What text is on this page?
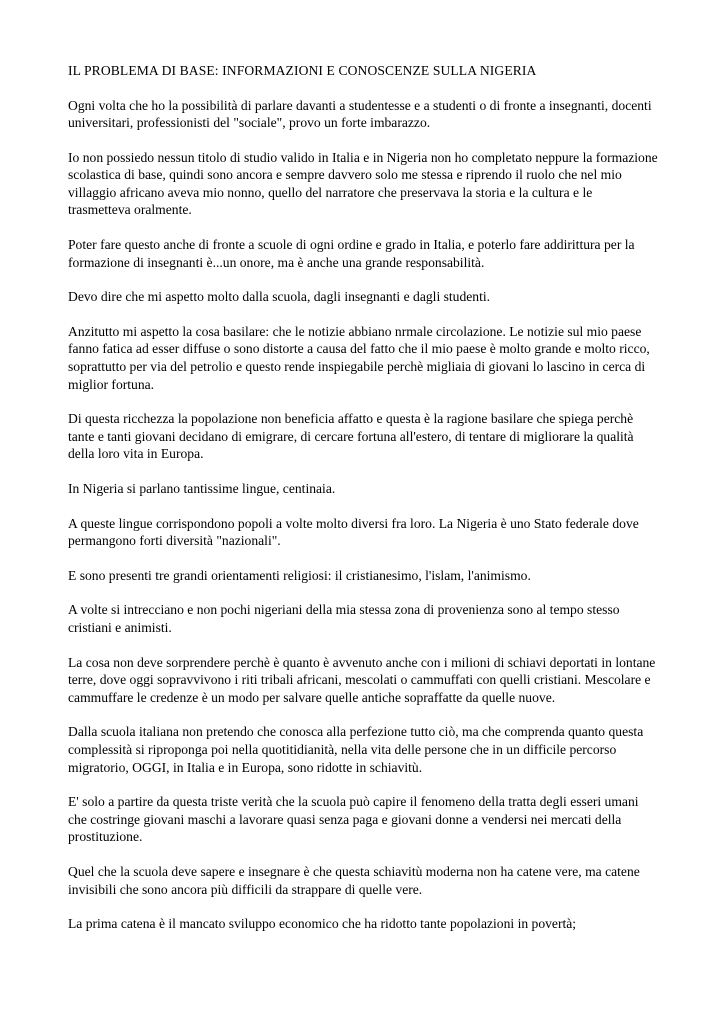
IL PROBLEMA DI BASE: INFORMAZIONI E CONOSCENZE SULLA NIGERIA

Ogni volta che ho la possibilità di parlare davanti a studentesse e a studenti o di fronte a insegnanti, docenti universitari, professionisti del "sociale", provo un forte imbarazzo.

Io non possiedo nessun titolo di studio valido in Italia e in Nigeria non ho completato neppure la formazione scolastica di base, quindi sono ancora e sempre davvero solo me stessa e riprendo il ruolo che nel mio villaggio africano aveva mio nonno, quello del narratore che preservava la storia e la cultura e le trasmetteva oralmente.

Poter fare questo anche di fronte a scuole di ogni ordine e grado in Italia, e poterlo fare addirittura per la formazione di insegnanti è...un onore, ma è anche una grande responsabilità.

Devo dire che mi aspetto molto dalla scuola, dagli insegnanti e dagli studenti.

Anzitutto mi aspetto la cosa basilare: che le notizie abbiano nrmale circolazione. Le notizie sul mio paese fanno fatica ad esser diffuse o sono distorte a causa del fatto che il mio paese è molto grande e molto ricco, soprattutto per via del petrolio e questo rende inspiegabile perchè migliaia di giovani lo lascino in cerca di miglior fortuna.

Di questa ricchezza la popolazione non beneficia affatto e questa è la ragione basilare che spiega perchè tante e tanti giovani decidano di emigrare, di cercare fortuna all'estero, di tentare di migliorare la qualità della loro vita in Europa.

In Nigeria si parlano tantissime lingue, centinaia.

A queste lingue corrispondono popoli a volte molto diversi fra loro. La Nigeria è uno Stato federale dove permangono forti diversità "nazionali".

E sono presenti tre grandi orientamenti religiosi: il cristianesimo, l'islam, l'animismo.

A volte si intrecciano e non pochi nigeriani della mia stessa zona di provenienza sono al tempo stesso cristiani e animisti.

La cosa non deve sorprendere perchè è quanto è avvenuto anche con i milioni di schiavi deportati in lontane terre, dove oggi sopravvivono i riti tribali africani, mescolati o cammuffati con quelli cristiani. Mescolare e cammuffare le credenze è un modo per salvare quelle antiche sopraffatte da quelle nuove.

Dalla scuola italiana non pretendo che conosca alla perfezione tutto ciò, ma che comprenda quanto questa complessità si riproponga poi nella quotitidianità, nella vita delle persone che in un difficile percorso migratorio, OGGI, in Italia e in Europa, sono ridotte in schiavitù.

E' solo a partire da questa triste verità che la scuola può capire il fenomeno della tratta degli esseri umani che costringe giovani maschi a lavorare quasi senza paga e giovani donne a vendersi nei mercati della prostituzione.

Quel che la scuola deve sapere e insegnare è che questa schiavitù moderna non ha catene vere, ma catene invisibili che sono ancora più difficili da strappare di quelle vere.

La prima catena è il mancato sviluppo economico che ha ridotto tante popolazioni in povertà;
